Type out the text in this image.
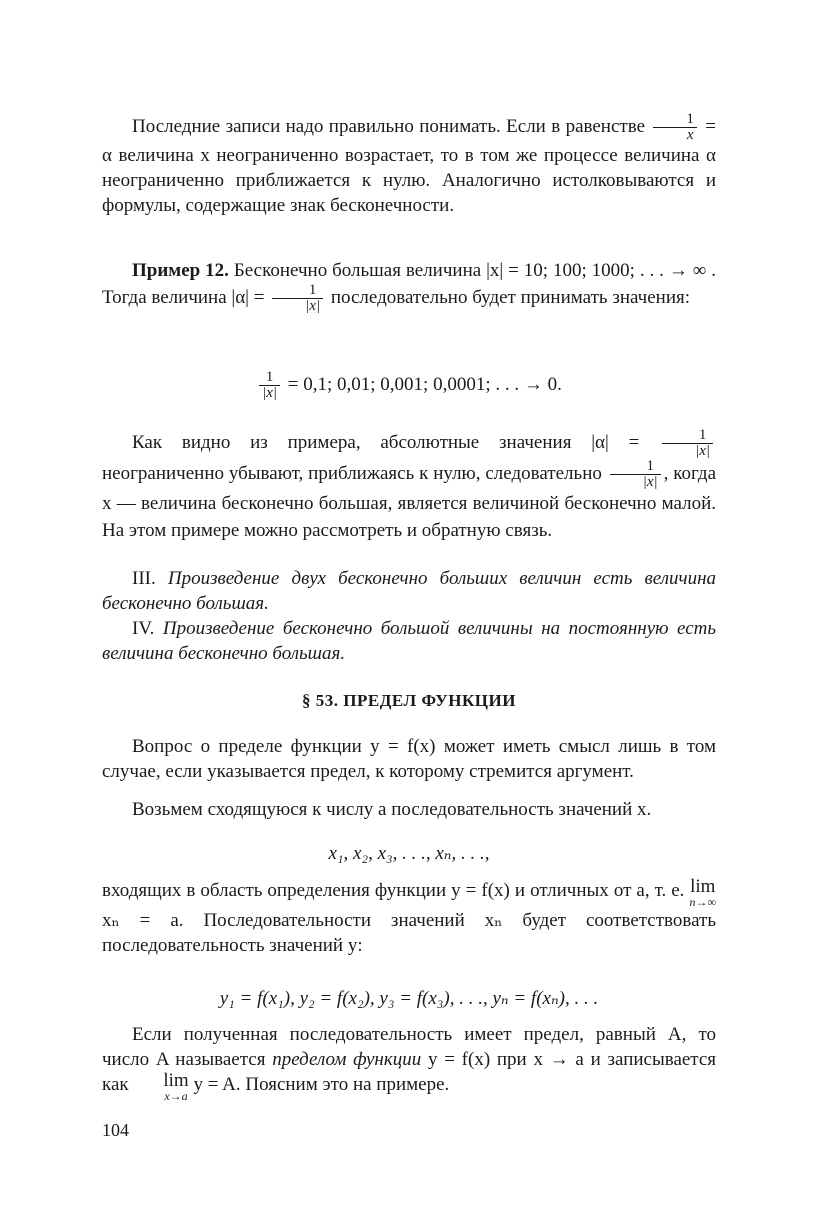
Последние записи надо правильно понимать. Если в равенстве $\frac{1}{x} = \alpha$ величина x неограниченно возрастает, то в том же процессе величина α неограниченно приближается к нулю. Аналогично истолковываются и формулы, содержащие знак бесконечности.
Пример 12. Бесконечно большая величина |x| = 10; 100; 1000; . . . → ∞ . Тогда величина $|\alpha| = \frac{1}{|x|}$ последовательно будет принимать значения:
$\frac{1}{|x|} = 0,1$; 0,01; 0,001; 0,0001; . . . → 0.
Как видно из примера, абсолютные значения $|\alpha| = \frac{1}{|x|}$
неограниченно убывают, приближаясь к нулю, следовательно $\frac{1}{|x|}$ , когда x — величина бесконечно большая, является величиной бесконечно малой. На этом примере можно рассмотреть и обратную связь.
III. Произведение двух бесконечно больших величин есть величина бесконечно большая.
IV. Произведение бесконечно большой величины на постоянную есть величина бесконечно большая.
§ 53. ПРЕДЕЛ ФУНКЦИИ
Вопрос о пределе функции y = f(x) может иметь смысл лишь в том случае, если указывается предел, к которому стремится аргумент.
Возьмем сходящуюся к числу a последовательность значений x.
x₁, x₂, x₃, . . ., xₙ, . . .,
входящих в область определения функции y = f(x) и отличных от a, т. е. lim
n→∞
xₙ = a. Последовательности значений xₙ будет соответствовать последовательность значений y:
y₁ = f(x₁), y₂ = f(x₂), y₃ = f(x₃), . . ., yₙ = f(xₙ), . . .
Если полученная последовательность имеет предел, равный A, то число A называется пределом функции y = f(x) при x → a и записывается как lim
x→a
y = A. Поясним это на примере.
104
